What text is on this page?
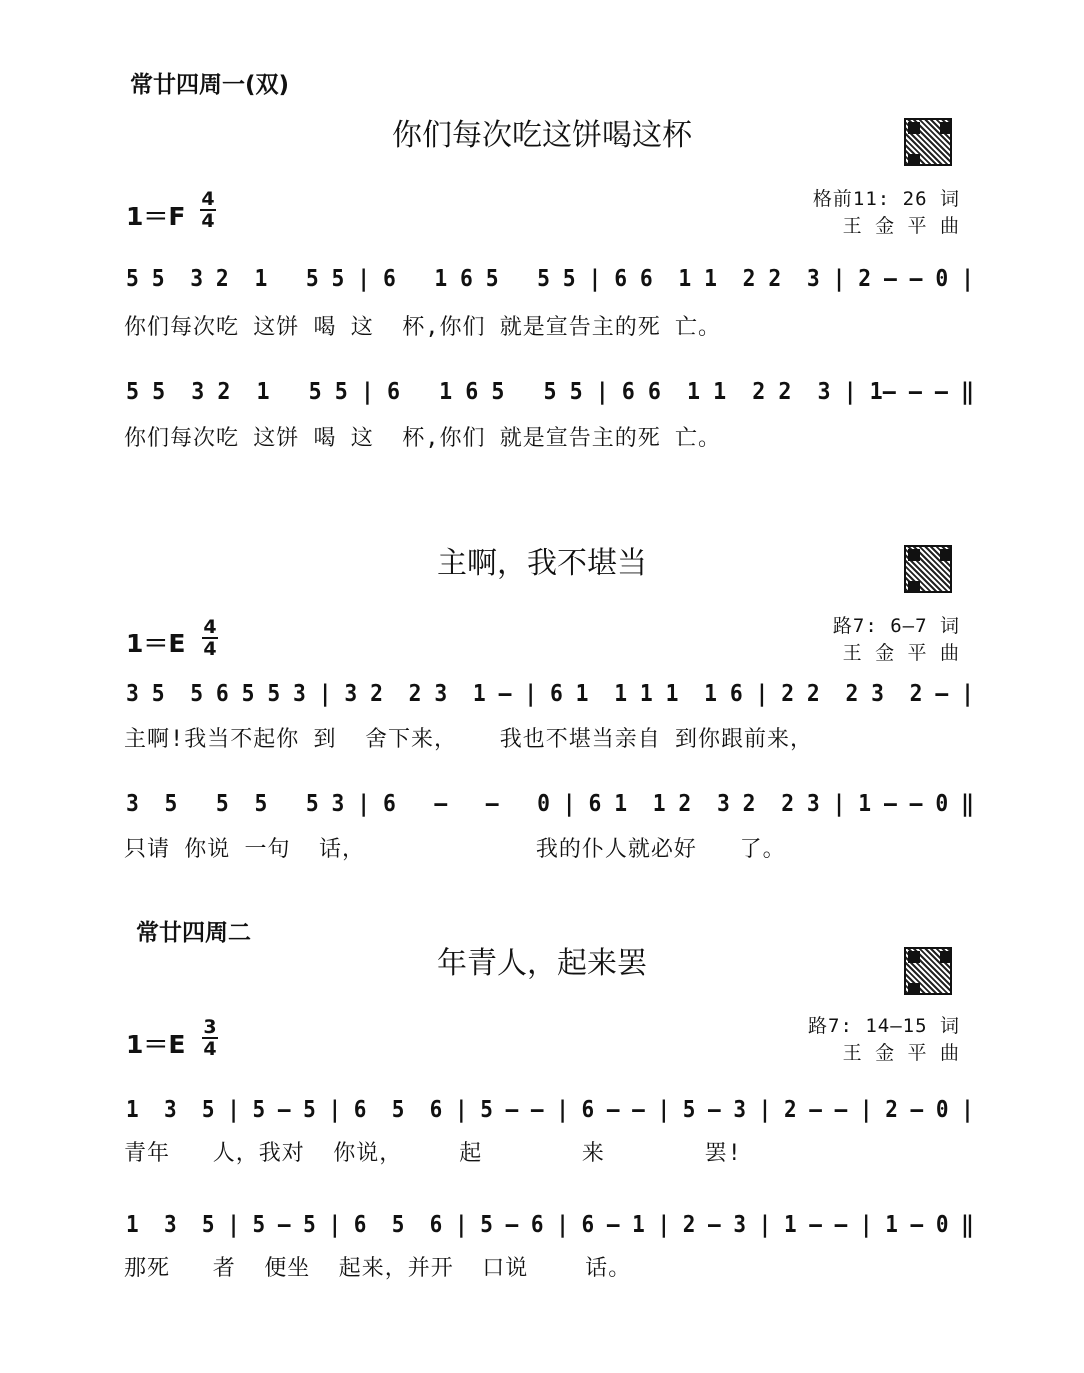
常廿四周一(双)
你们每次吃这饼喝这杯
1＝F
4
4
格前11: 26 词
王 金 平 曲
5 5  3 2  1   5 5 | 6   1 6 5   5 5 | 6 6  1 1  2 2  3 | 2 – – 0 |
你们每次吃 这饼 喝 这  杯,你们 就是宣告主的死 亡。
5 5  3 2  1   5 5 | 6   1 6 5   5 5 | 6 6  1 1  2 2  3 | 1– – – ‖
你们每次吃 这饼 喝 这  杯,你们 就是宣告主的死 亡。
主啊，我不堪当
1＝E
4
4
路7: 6–7 词
王 金 平 曲
3 5  5 6 5 5 3 | 3 2  2 3  1 – | 6 1  1 1 1  1 6 | 2 2  2 3  2 – |
主啊!我当不起你 到  舍下来，   我也不堪当亲自 到你跟前来，
3  5   5  5   5 3 | 6   –   –   0 | 6 1  1 2  3 2  2 3 | 1 – – 0 ‖
只请 你说 一句  话，            我的仆人就必好   了。
常廿四周二
年青人，起来罢
1＝E
3
4
路7: 14–15 词
王 金 平 曲
1  3  5 | 5 – 5 | 6  5  6 | 5 – – | 6 – – | 5 – 3 | 2 – – | 2 – 0 |
青年   人，我对  你说，    起       来       罢!
1  3  5 | 5 – 5 | 6  5  6 | 5 – 6 | 6 – 1 | 2 – 3 | 1 – – | 1 – 0 ‖
那死   者  便坐  起来，并开  口说    话。
